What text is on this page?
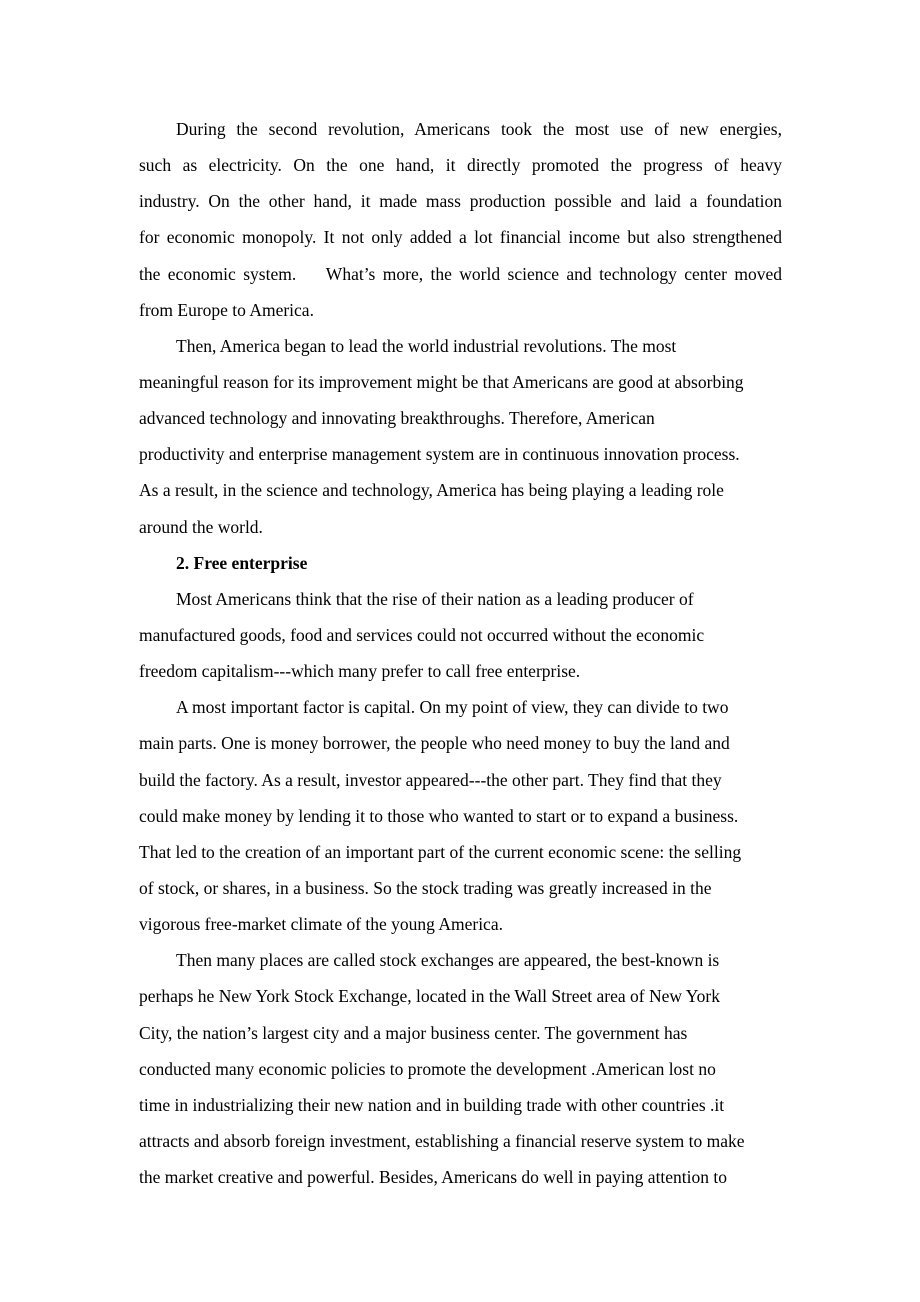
During the second revolution, Americans took the most use of new energies,
such as electricity. On the one hand, it directly promoted the progress of heavy
industry. On the other hand, it made mass production possible and laid a foundation
for economic monopoly. It not only added a lot financial income but also strengthened
the economic system.    What’s more, the world science and technology center moved
from Europe to America.
Then, America began to lead the world industrial revolutions. The most
meaningful reason for its improvement might be that Americans are good at absorbing
advanced technology and innovating breakthroughs. Therefore, American
productivity and enterprise management system are in continuous innovation process.
As a result, in the science and technology, America has being playing a leading role
around the world.
2. Free enterprise
Most Americans think that the rise of their nation as a leading producer of
manufactured goods, food and services could not occurred without the economic
freedom capitalism---which many prefer to call free enterprise.
A most important factor is capital. On my point of view, they can divide to two
main parts. One is money borrower, the people who need money to buy the land and
build the factory. As a result, investor appeared---the other part. They find that they
could make money by lending it to those who wanted to start or to expand a business.
That led to the creation of an important part of the current economic scene: the selling
of stock, or shares, in a business. So the stock trading was greatly increased in the
vigorous free-market climate of the young America.
Then many places are called stock exchanges are appeared, the best-known is
perhaps he New York Stock Exchange, located in the Wall Street area of New York
City, the nation’s largest city and a major business center. The government has
conducted many economic policies to promote the development .American lost no
time in industrializing their new nation and in building trade with other countries .it
attracts and absorb foreign investment, establishing a financial reserve system to make
the market creative and powerful. Besides, Americans do well in paying attention to
